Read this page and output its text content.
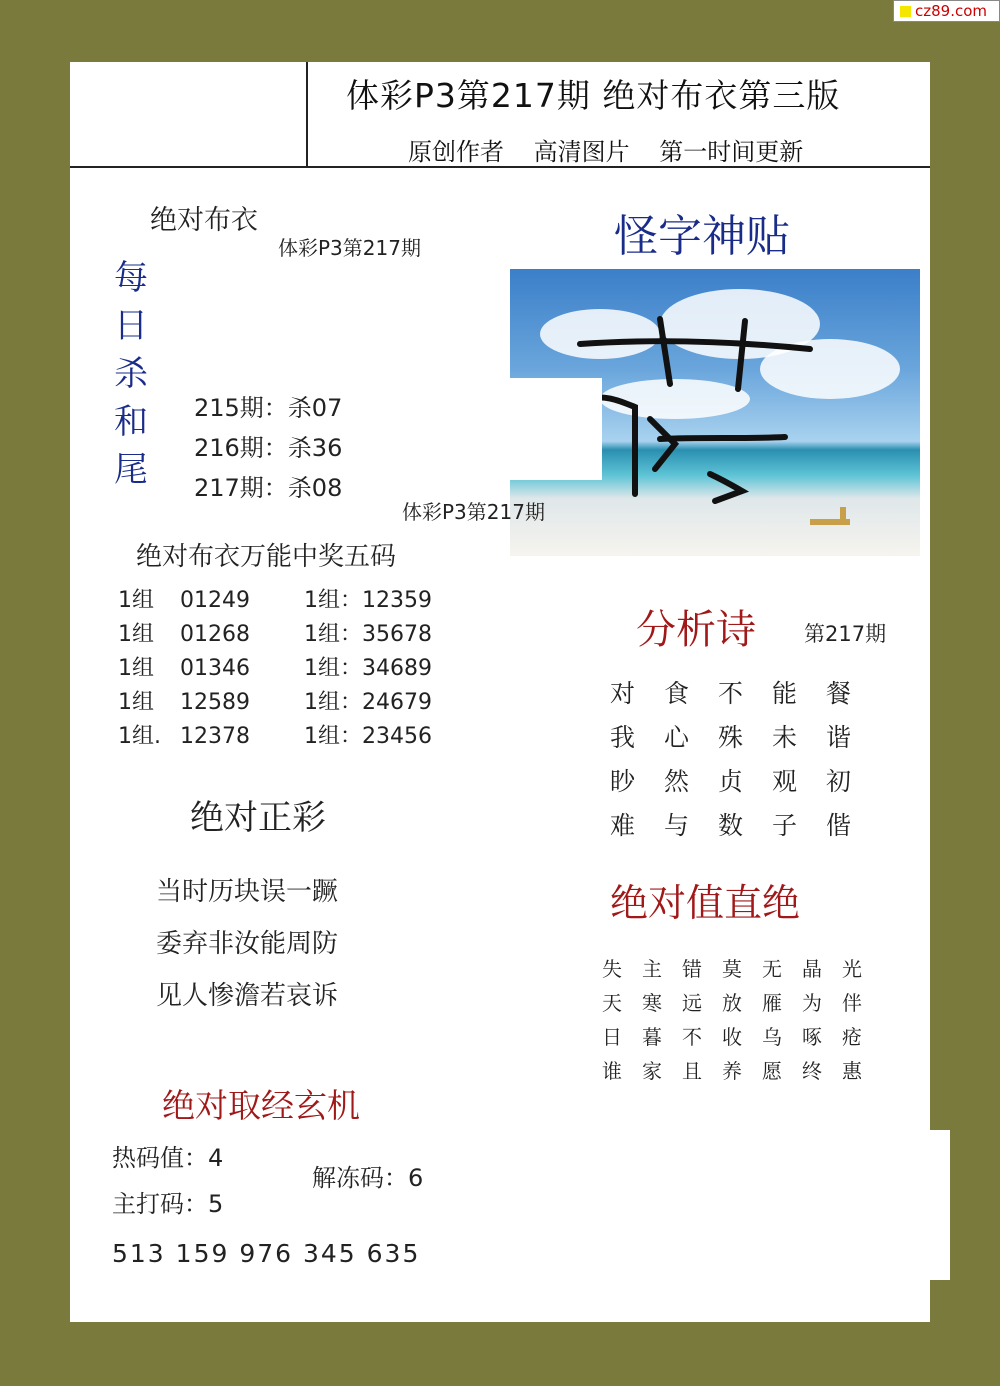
cz89.com
体彩P3第217期 绝对布衣第三版
原创作者 高清图片 第一时间更新
绝对布衣
体彩P3第217期
每日杀和尾
215期：杀07
216期：杀36
217期：杀08
绝对布衣万能中奖五码
1组	01249	1组：12359
1组	01268	1组：35678
1组	01346	1组：34689
1组	12589	1组：24679
1组.	12378	1组：23456
绝对正彩
当时历块误一蹶
委弃非汝能周防
见人惨澹若哀诉
绝对取经玄机
热码值：4
主打码：5
解冻码：6
513 159 976 345 635
怪字神贴
体彩P3第217期
分析诗 第217期
对	食	不	能	餐
我	心	殊	未	谐
眇	然	贞	观	初
难	与	数	子	偕
绝对值直绝
失	主	错	莫	无	晶	光
天	寒	远	放	雁	为	伴
日	暮	不	收	乌	啄	疮
谁	家	且	养	愿	终	惠
